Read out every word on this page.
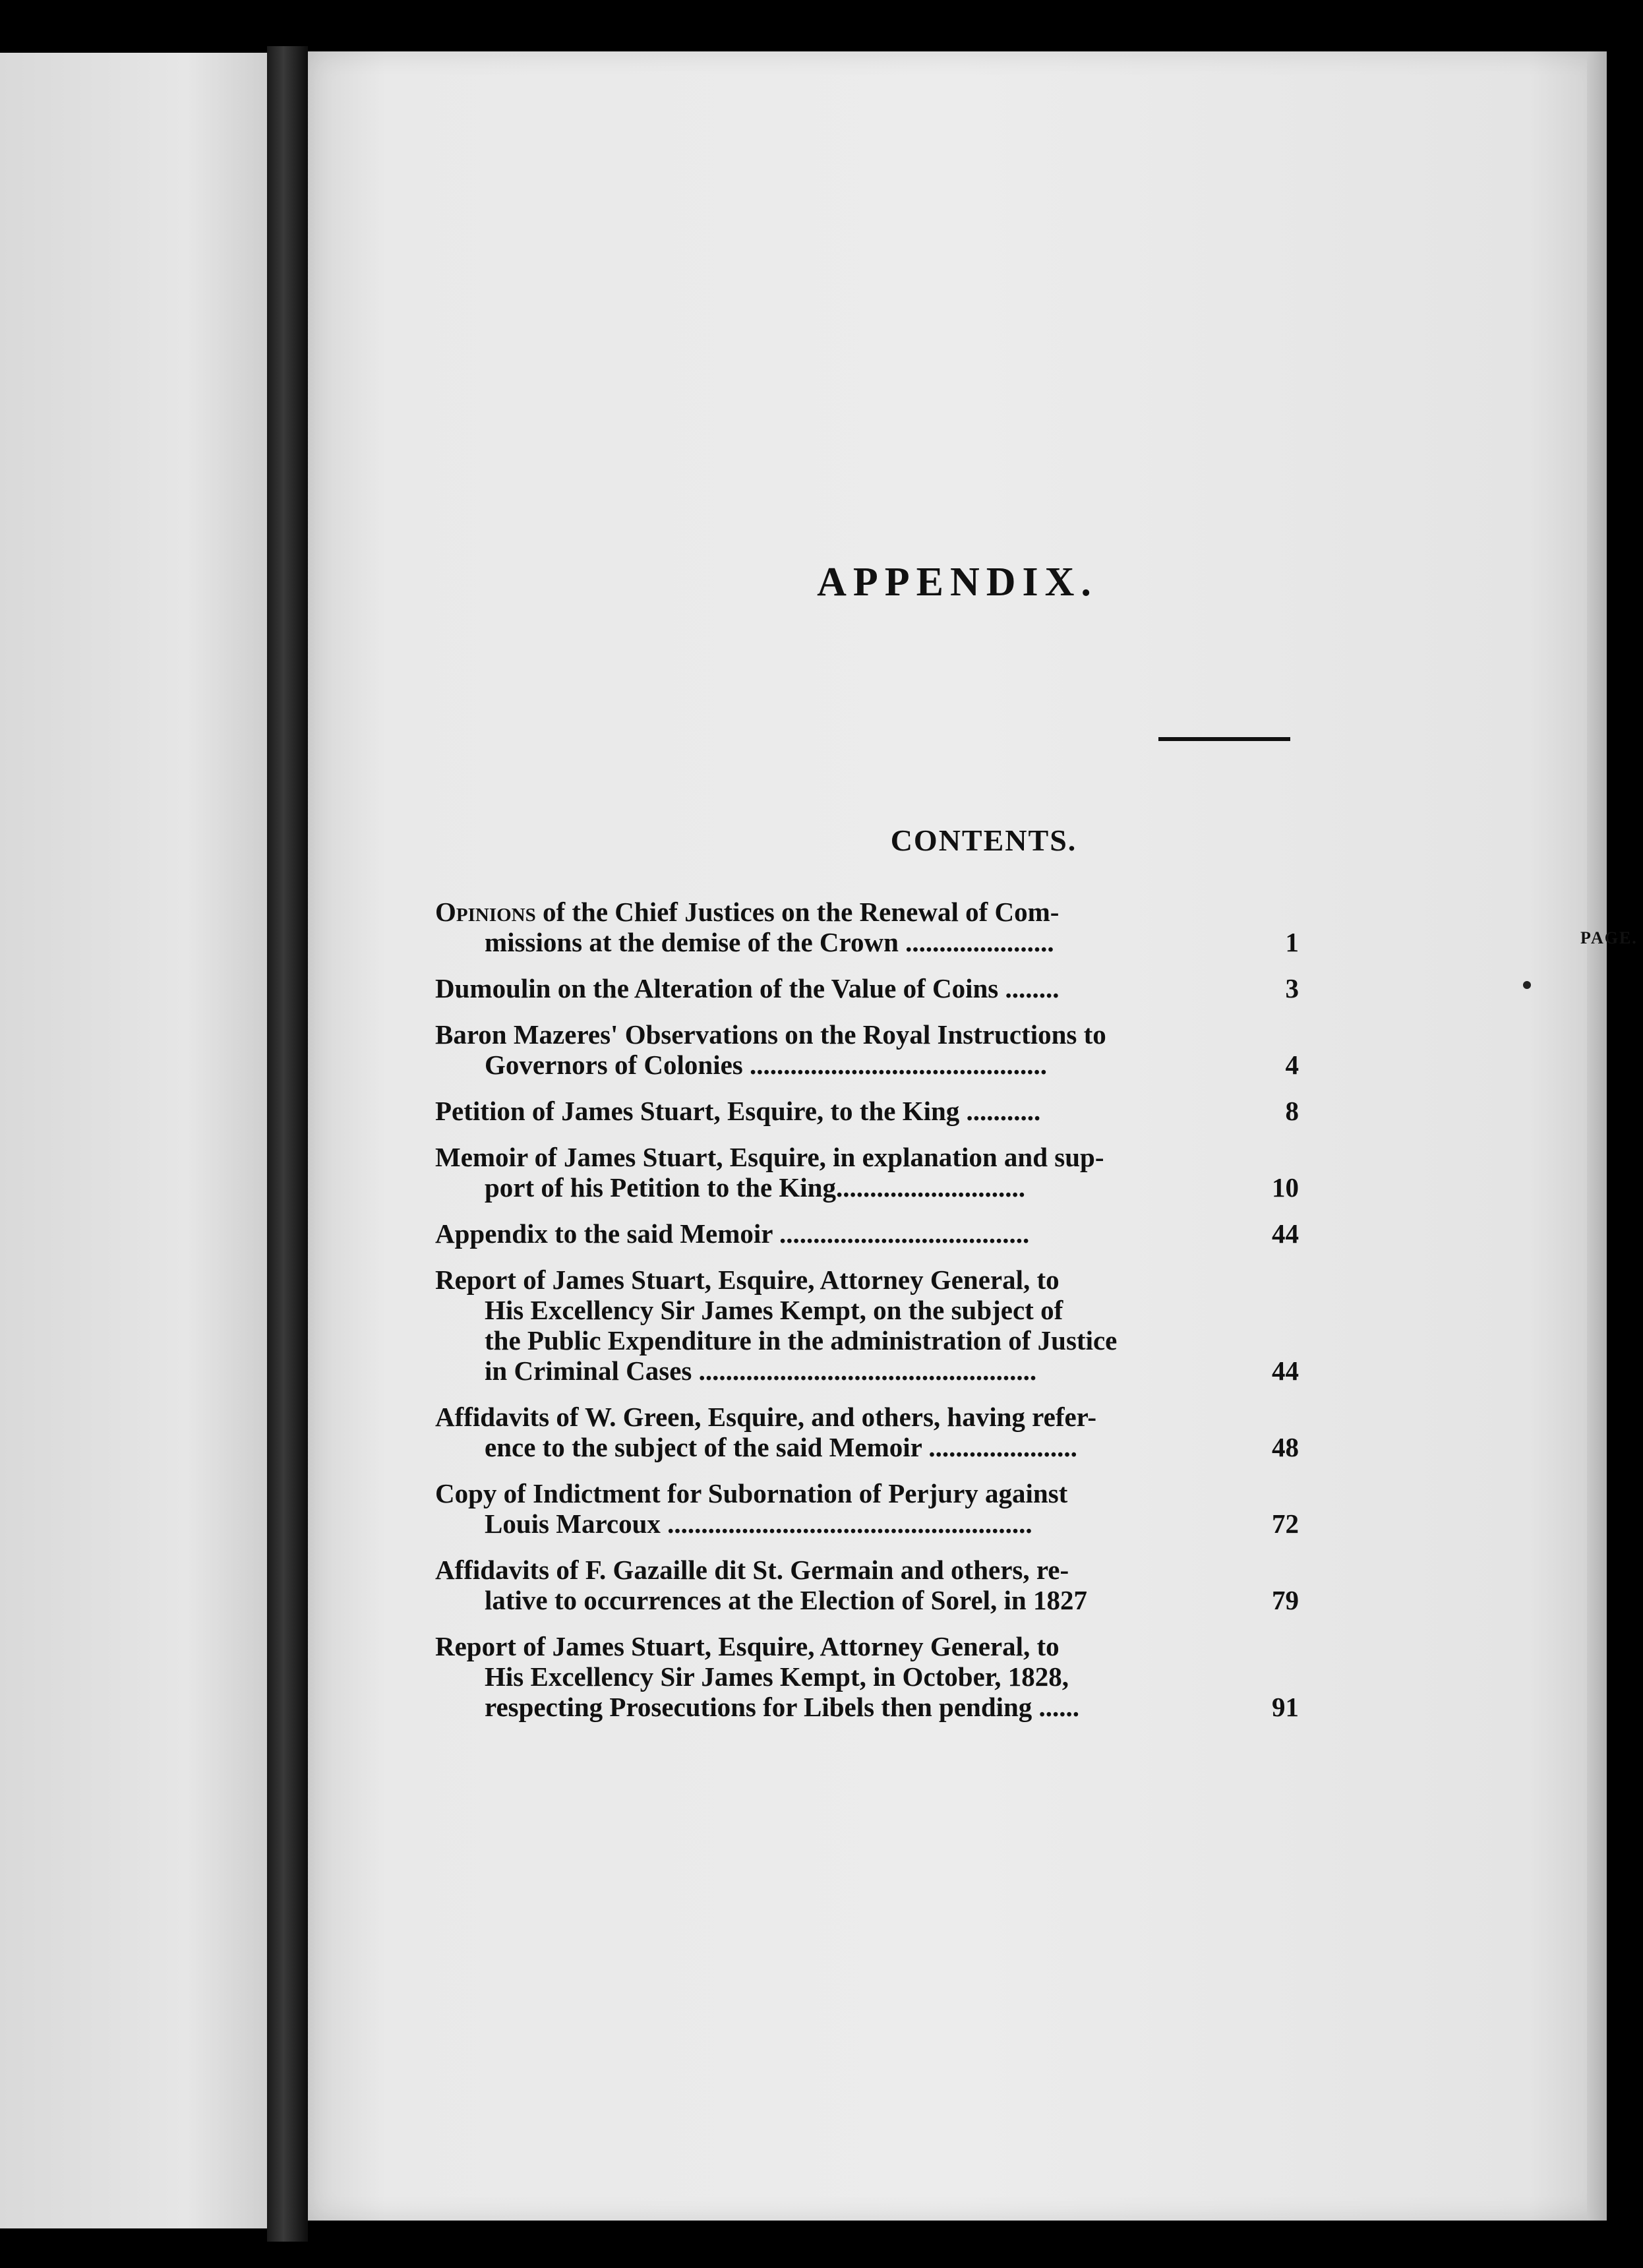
APPENDIX.
CONTENTS.
PAGE.
Opinions of the Chief Justices on the Renewal of Com-
missions at the demise of the Crown ......................	1
Dumoulin on the Alteration of the Value of Coins ........	3
Baron Mazeres' Observations on the Royal Instructions to
Governors of Colonies ............................................	4
Petition of James Stuart, Esquire, to the King ...........	8
Memoir of James Stuart, Esquire, in explanation and sup-
port of his Petition to the King............................	10
Appendix to the said Memoir .....................................	44
Report of James Stuart, Esquire, Attorney General, to
His Excellency Sir James Kempt, on the subject of
the Public Expenditure in the administration of Justice
in Criminal Cases ..................................................	44
Affidavits of W. Green, Esquire, and others, having refer-
ence to the subject of the said Memoir ......................	48
Copy of Indictment for Subornation of Perjury against
Louis Marcoux ......................................................	72
Affidavits of F. Gazaille dit St. Germain and others, re-
lative to occurrences at the Election of Sorel, in 1827	79
Report of James Stuart, Esquire, Attorney General, to
His Excellency Sir James Kempt, in October, 1828,
respecting Prosecutions for Libels then pending ......	91
